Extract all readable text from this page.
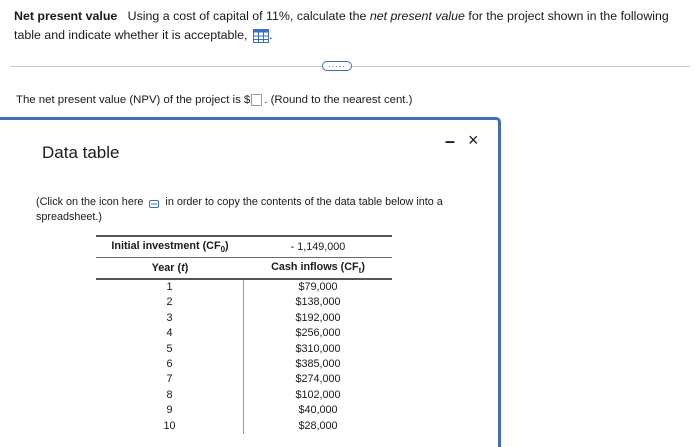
Net present value Using a cost of capital of 11%, calculate the net present value for the project shown in the following table and indicate whether it is acceptable, .
.....
The net present value (NPV) of the project is $ . (Round to the nearest cent.)
Data table
– ×
(Click on the icon here in order to copy the contents of the data table below into a spreadsheet.)
Initial investment $(CF_0)$	- 1,149,000
Year (t)	Cash inflows $(CF_t)$
1	$79,000
2	$138,000
3	$192,000
4	$256,000
5	$310,000
6	$385,000
7	$274,000
8	$102,000
9	$40,000
10	$28,000
